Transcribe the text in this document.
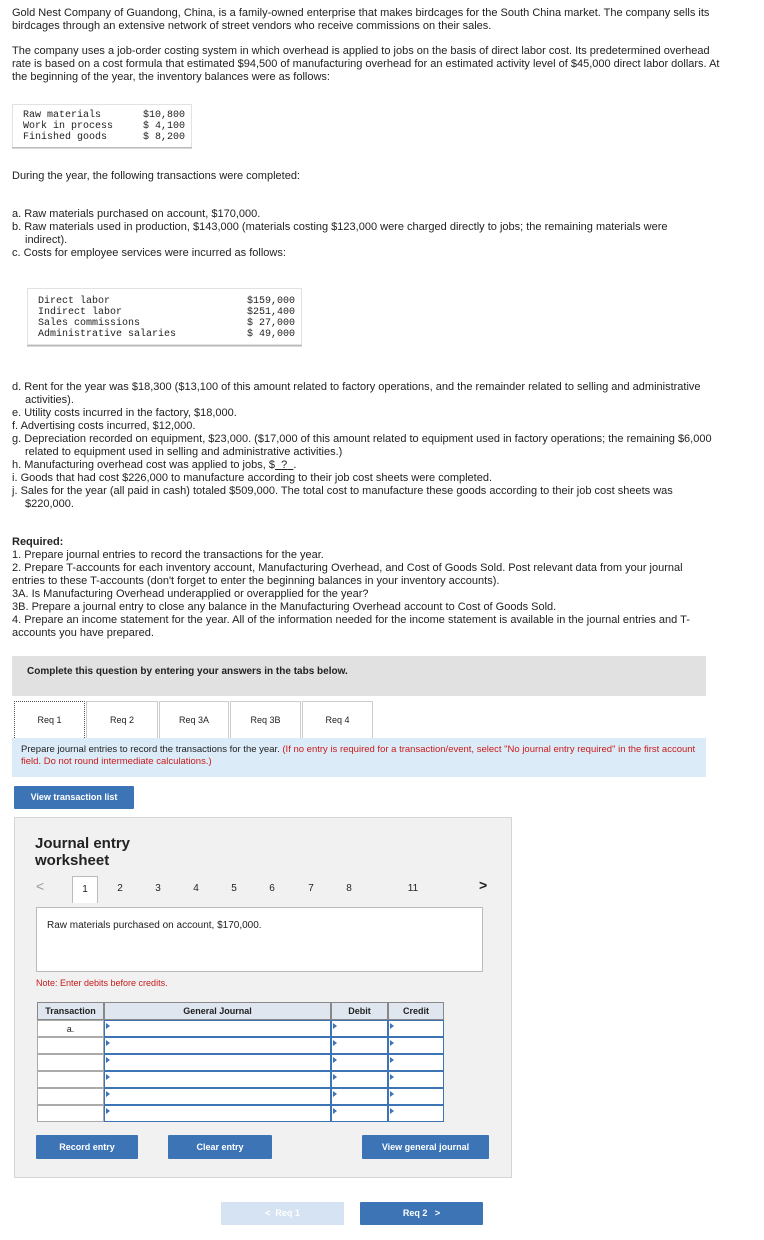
Gold Nest Company of Guandong, China, is a family-owned enterprise that makes birdcages for the South China market. The company sells its birdcages through an extensive network of street vendors who receive commissions on their sales.
The company uses a job-order costing system in which overhead is applied to jobs on the basis of direct labor cost. Its predetermined overhead rate is based on a cost formula that estimated $94,500 of manufacturing overhead for an estimated activity level of $45,000 direct labor dollars. At the beginning of the year, the inventory balances were as follows:
Raw materials	$10,800
Work in process	$ 4,100
Finished goods	$ 8,200
During the year, the following transactions were completed:
a. Raw materials purchased on account, $170,000.
b. Raw materials used in production, $143,000 (materials costing $123,000 were charged directly to jobs; the remaining materials were indirect).
c. Costs for employee services were incurred as follows:
Direct labor	$159,000
Indirect labor	$251,400
Sales commissions	$ 27,000
Administrative salaries	$ 49,000
d. Rent for the year was $18,300 ($13,100 of this amount related to factory operations, and the remainder related to selling and administrative activities).
e. Utility costs incurred in the factory, $18,000.
f. Advertising costs incurred, $12,000.
g. Depreciation recorded on equipment, $23,000. ($17,000 of this amount related to equipment used in factory operations; the remaining $6,000 related to equipment used in selling and administrative activities.)
h. Manufacturing overhead cost was applied to jobs, $ ? .
i. Goods that had cost $226,000 to manufacture according to their job cost sheets were completed.
j. Sales for the year (all paid in cash) totaled $509,000. The total cost to manufacture these goods according to their job cost sheets was $220,000.
Required:
1. Prepare journal entries to record the transactions for the year.
2. Prepare T-accounts for each inventory account, Manufacturing Overhead, and Cost of Goods Sold. Post relevant data from your journal entries to these T-accounts (don't forget to enter the beginning balances in your inventory accounts).
3A. Is Manufacturing Overhead underapplied or overapplied for the year?
3B. Prepare a journal entry to close any balance in the Manufacturing Overhead account to Cost of Goods Sold.
4. Prepare an income statement for the year. All of the information needed for the income statement is available in the journal entries and T-accounts you have prepared.
Complete this question by entering your answers in the tabs below.
Req 1	Req 2	Req 3A	Req 3B	Req 4
Prepare journal entries to record the transactions for the year. (If no entry is required for a transaction/event, select "No journal entry required" in the first account field. Do not round intermediate calculations.)
View transaction list
Journal entry
worksheet
<	1	2	3	4	5	6	7	8	11	>
Raw materials purchased on account, $170,000.
Note: Enter debits before credits.
Transaction	General Journal	Debit	Credit
a.
Record entry	Clear entry	View general journal
< Req 1	Req 2 >
